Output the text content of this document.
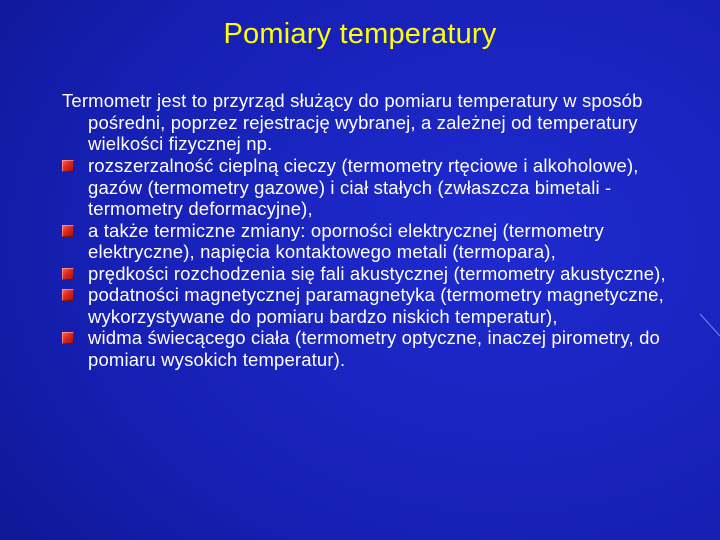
Pomiary temperatury
Termometr jest to przyrząd służący do pomiaru temperatury w sposób pośredni, poprzez rejestrację wybranej, a zależnej od temperatury wielkości fizycznej np.
rozszerzalność cieplną cieczy (termometry rtęciowe i alkoholowe), gazów (termometry gazowe) i ciał stałych (zwłaszcza bimetali - termometry deformacyjne),
a także termiczne zmiany: oporności elektrycznej (termometry elektryczne), napięcia kontaktowego metali (termopara),
prędkości rozchodzenia się fali akustycznej (termometry akustyczne),
podatności magnetycznej paramagnetyka (termometry magnetyczne, wykorzystywane do pomiaru bardzo niskich temperatur),
widma świecącego ciała (termometry optyczne, inaczej pirometry, do pomiaru wysokich temperatur).
